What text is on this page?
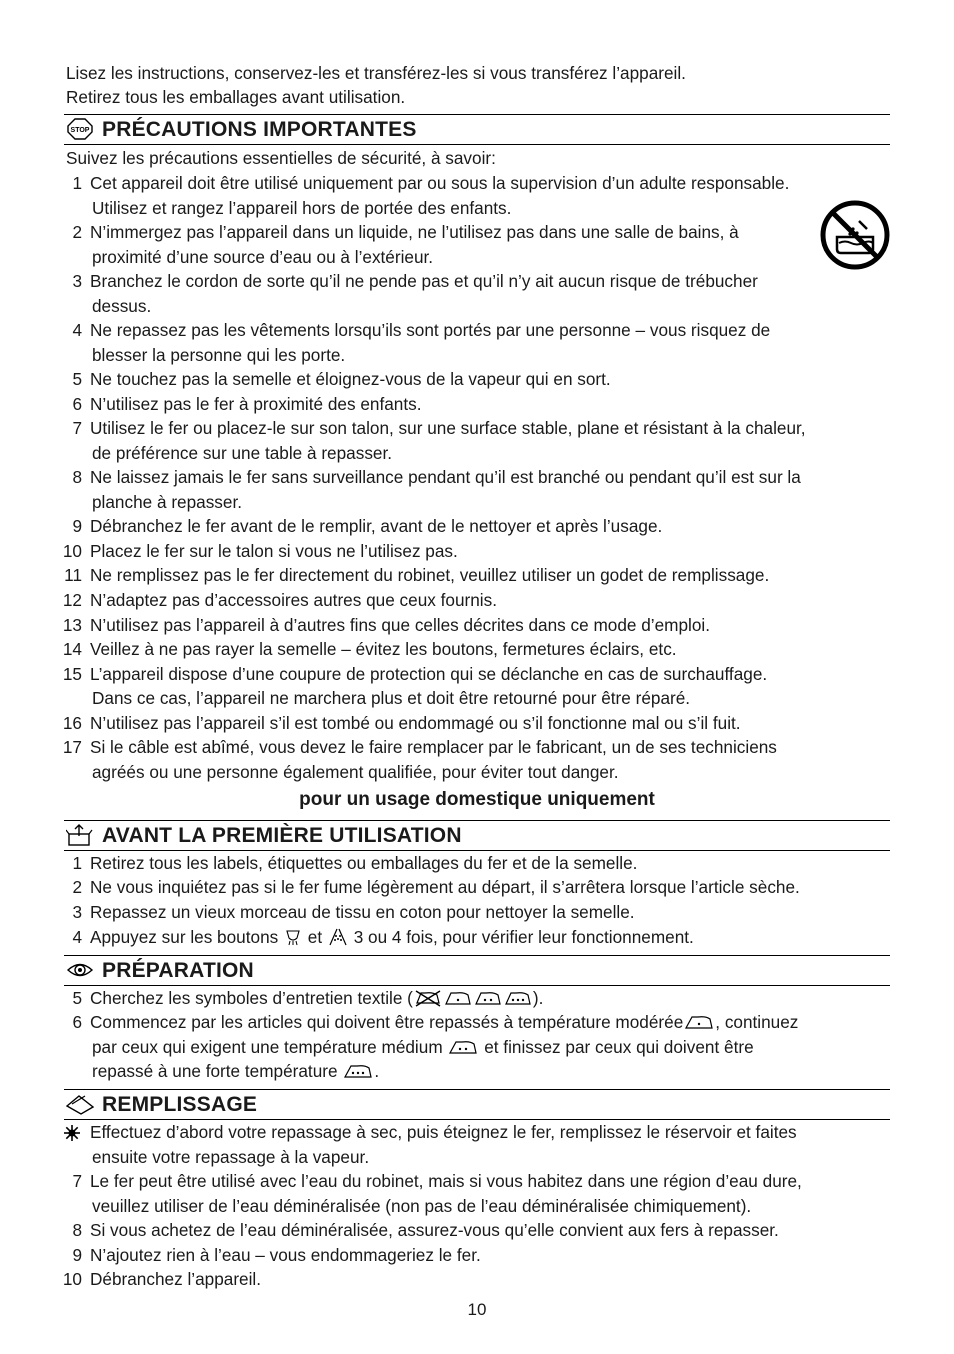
Lisez les instructions, conservez-les et transférez-les si vous transférez l’appareil.
Retirez tous les emballages avant utilisation.
STOP PRÉCAUTIONS IMPORTANTES
Suivez les précautions essentielles de sécurité, à savoir:
1 Cet appareil doit être utilisé uniquement par ou sous la supervision d’un adulte responsable.
Utilisez et rangez l’appareil hors de portée des enfants.
2 N’immergez pas l’appareil dans un liquide, ne l’utilisez pas dans une salle de bains, à
proximité d’une source d’eau ou à l’extérieur.
3 Branchez le cordon de sorte qu’il ne pende pas et qu’il n’y ait aucun risque de trébucher
dessus.
4 Ne repassez pas les vêtements lorsqu’ils sont portés par une personne – vous risquez de
blesser la personne qui les porte.
5 Ne touchez pas la semelle et éloignez-vous de la vapeur qui en sort.
6 N’utilisez pas le fer à proximité des enfants.
7 Utilisez le fer ou placez-le sur son talon, sur une surface stable, plane et résistant à la chaleur,
de préférence sur une table à repasser.
8 Ne laissez jamais le fer sans surveillance pendant qu’il est branché ou pendant qu’il est sur la
planche à repasser.
9 Débranchez le fer avant de le remplir, avant de le nettoyer et après l’usage.
10 Placez le fer sur le talon si vous ne l’utilisez pas.
11 Ne remplissez pas le fer directement du robinet, veuillez utiliser un godet de remplissage.
12 N’adaptez pas d’accessoires autres que ceux fournis.
13 N’utilisez pas l’appareil à d’autres fins que celles décrites dans ce mode d’emploi.
14 Veillez à ne pas rayer la semelle – évitez les boutons, fermetures éclairs, etc.
15 L’appareil dispose d’une coupure de protection qui se déclanche en cas de surchauffage.
Dans ce cas, l’appareil ne marchera plus et doit être retourné pour être réparé.
16 N’utilisez pas l’appareil s’il est tombé ou endommagé ou s’il fonctionne mal ou s’il fuit.
17 Si le câble est abîmé, vous devez le faire remplacer par le fabricant, un de ses techniciens
agréés ou une personne également qualifiée, pour éviter tout danger.
pour un usage domestique uniquement
AVANT LA PREMIÈRE UTILISATION
1 Retirez tous les labels, étiquettes ou emballages du fer et de la semelle.
2 Ne vous inquiétez pas si le fer fume légèrement au départ, il s’arrêtera lorsque l’article sèche.
3 Repassez un vieux morceau de tissu en coton pour nettoyer la semelle.
4 Appuyez sur les boutons et 3 ou 4 fois, pour vérifier leur fonctionnement.
PRÉPARATION
5 Cherchez les symboles d’entretien textile (	).
6 Commencez par les articles qui doivent être repassés à température modérée , continuez
par ceux qui exigent une température médium et finissez par ceux qui doivent être
repassé à une forte température .
REMPLISSAGE
Effectuez d’abord votre repassage à sec, puis éteignez le fer, remplissez le réservoir et faites
ensuite votre repassage à la vapeur.
7 Le fer peut être utilisé avec l’eau du robinet, mais si vous habitez dans une région d’eau dure,
veuillez utiliser de l’eau déminéralisée (non pas de l’eau déminéralisée chimiquement).
8 Si vous achetez de l’eau déminéralisée, assurez-vous qu’elle convient aux fers à repasser.
9 N’ajoutez rien à l’eau – vous endommageriez le fer.
10 Débranchez l’appareil.
10
